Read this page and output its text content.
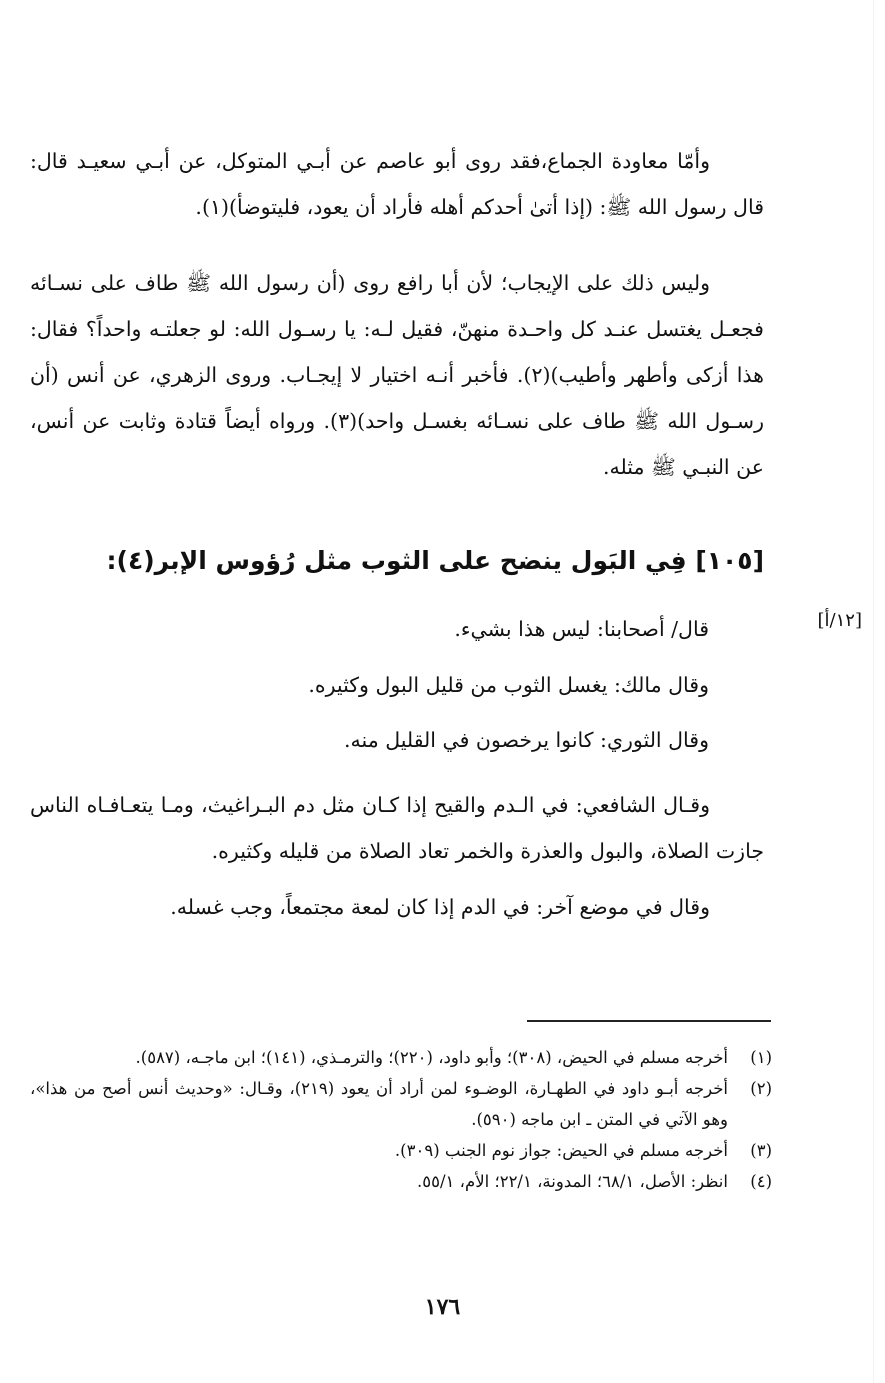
وأمّا معاودة الجماع،فقد روى أبو عاصم عن أبـي المتوكل، عن أبـي سعيـد قال: قال رسول الله ﷺ: (إذا أتىٰ أحدكم أهله فأراد أن يعود، فليتوضأ)(١).

وليس ذلك على الإيجاب؛ لأن أبا رافع روى (أن رسول الله ﷺ طاف على نسـائه فجعـل يغتسل عنـد كل واحـدة منهنّ، فقيل لـه: يا رسـول الله: لو جعلتـه واحداً؟ فقال: هذا أزكى وأطهر وأطيب)(٢). فأخبر أنـه اختيار لا إيجـاب. وروى الزهري، عن أنس (أن رسـول الله ﷺ طاف على نسـائه بغسـل واحد)(٣). ورواه أيضاً قتادة وثابت عن أنس، عن النبـي ﷺ مثله.

[١٠٥] فِي البَول ينضح على الثوب مثل رُؤوس الإبر(٤):
[١٢/أ]
قال/ أصحابنا: ليس هذا بشيء.
وقال مالك: يغسل الثوب من قليل البول وكثيره.
وقال الثوري: كانوا يرخصون في القليل منه.

وقـال الشافعي: في الـدم والقيح إذا كـان مثل دم البـراغيث، ومـا يتعـافـاه الناس جازت الصلاة، والبول والعذرة والخمر تعاد الصلاة من قليله وكثيره.

وقال في موضع آخر: في الدم إذا كان لمعة مجتمعاً، وجب غسله.

(١)
أخرجه مسلم في الحيض، (٣٠٨)؛ وأبو داود، (٢٢٠)؛ والترمـذي، (١٤١)؛ ابن ماجـه، (٥٨٧).
(٢)
أخرجه أبـو داود في الطهـارة، الوضـوء لمن أراد أن يعود (٢١٩)، وقـال: «وحديث أنس أصح من هذا»، وهو الآتي في المتن ـ ابن ماجه (٥٩٠).
(٣)
أخرجه مسلم في الحيض: جواز نوم الجنب (٣٠٩).
(٤)
انظر: الأصل، ٦٨/١؛ المدونة، ٢٢/١؛ الأم، ٥٥/١.
١٧٦
